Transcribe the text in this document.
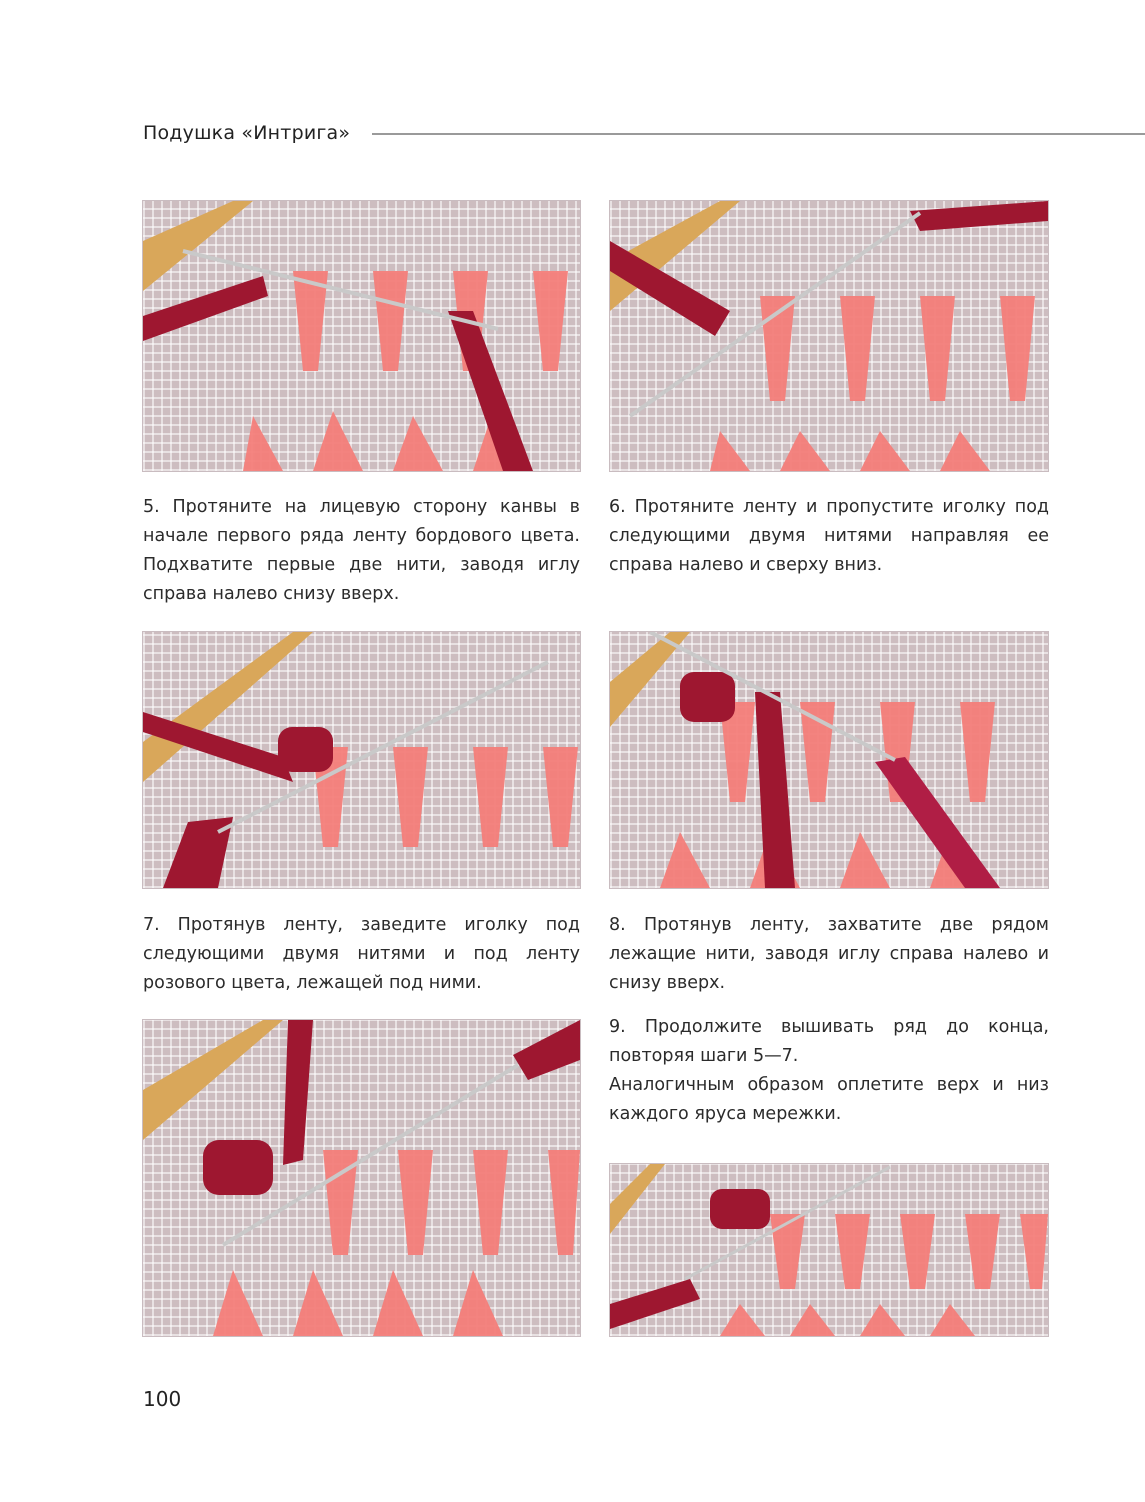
Подушка «Интрига»

5. Протяните на лицевую сторону канвы в начале первого ряда ленту бордового цвета. Подхватите первые две нити, заводя иглу справа налево снизу вверх.

6. Протяните ленту и пропустите иголку под следующими двумя нитями направляя ее справа налево и сверху вниз.

7. Протянув ленту, заведите иголку под следующими двумя нитями и под ленту розового цвета, лежащей под ними.

8. Протянув ленту, захватите две рядом лежащие нити, заводя иглу справа налево и снизу вверх.

9. Продолжите вышивать ряд до конца, повторяя шаги 5—7.

Аналогичным образом оплетите верх и низ каждого яруса мережки.

100
